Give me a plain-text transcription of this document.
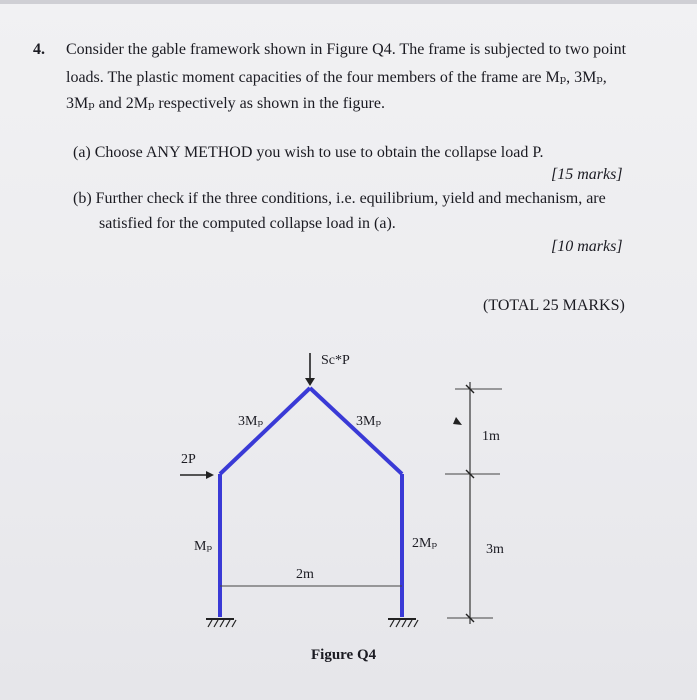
4. Consider the gable framework shown in Figure Q4. The frame is subjected to two point
loads. The plastic moment capacities of the four members of the frame are Mₚ, 3Mₚ,
3Mₚ and 2Mₚ respectively as shown in the figure.
(a) Choose ANY METHOD you wish to use to obtain the collapse load P.
[15 marks]
(b) Further check if the three conditions, i.e. equilibrium, yield and mechanism, are
satisfied for the computed collapse load in (a).
[10 marks]
(TOTAL 25 MARKS)
Sc*P
2P
3Mₚ	3Mₚ
Mₚ	2Mₚ
2m
1m
3m
Figure Q4
